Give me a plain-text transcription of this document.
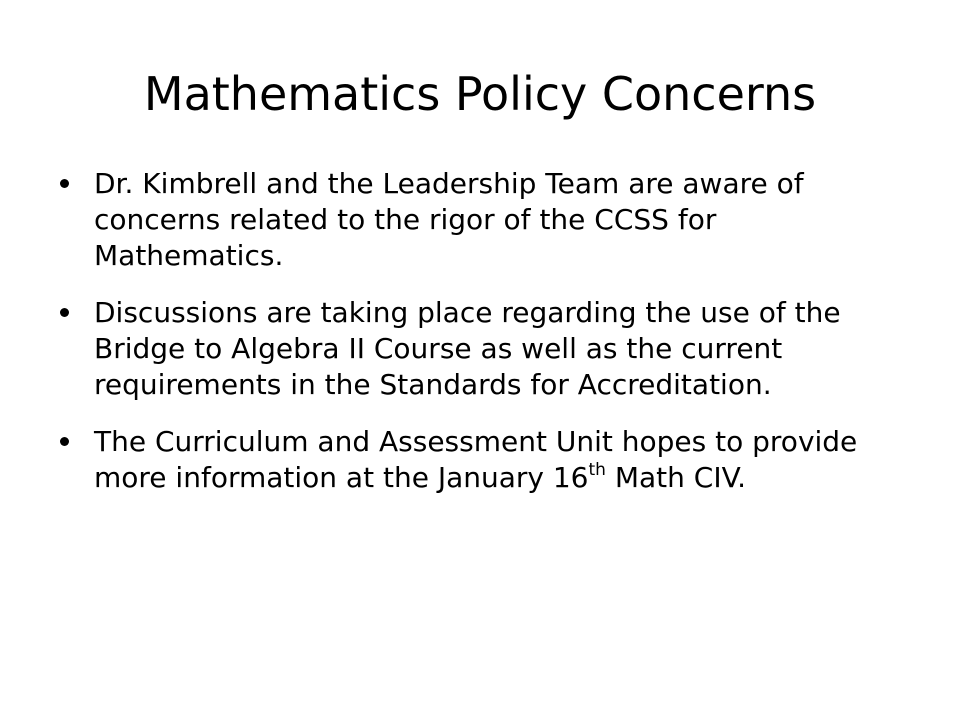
Mathematics Policy Concerns
Dr. Kimbrell and the Leadership Team are aware of concerns related to the rigor of the CCSS for Mathematics.
Discussions are taking place regarding the use of the Bridge to Algebra II Course as well as the current requirements in the Standards for Accreditation.
The Curriculum and Assessment Unit hopes to provide more information at the January 16th Math CIV.
